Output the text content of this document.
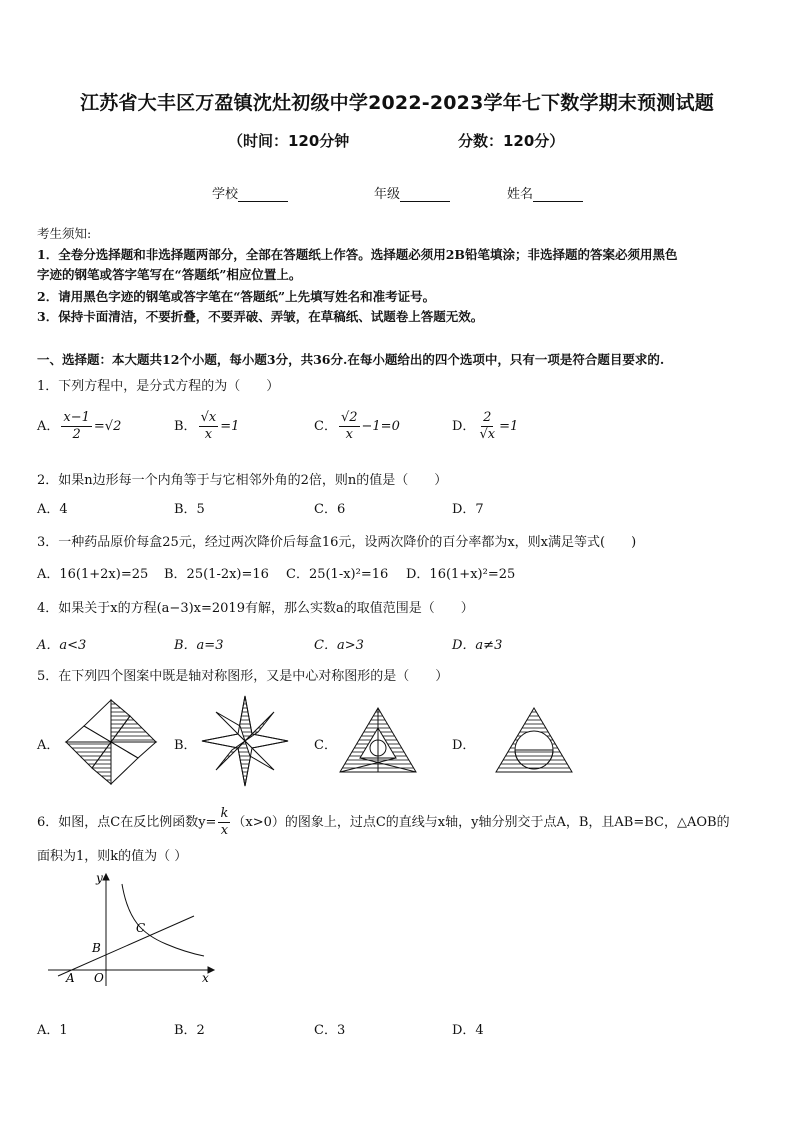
江苏省大丰区万盈镇沈灶初级中学2022-2023学年七下数学期末预测试题
（时间：120分钟	分数：120分）
学校	年级	姓名
考生须知:
1．全卷分选择题和非选择题两部分，全部在答题纸上作答。选择题必须用2B铅笔填涂；非选择题的答案必须用黑色
字迹的钢笔或答字笔写在“答题纸”相应位置上。
2．请用黑色字迹的钢笔或答字笔在“答题纸”上先填写姓名和准考证号。
3．保持卡面清洁，不要折叠，不要弄破、弄皱，在草稿纸、试题卷上答题无效。
一、选择题：本大题共12个小题，每小题3分，共36分.在每小题给出的四个选项中，只有一项是符合题目要求的.
1．下列方程中，是分式方程的为（　　）
A． $\frac{x-1}{2} =√2$	B． $\frac{√x}{x} =1$	C． $\frac{√2}{x} -1=0$	D． $\frac{2}{√x} =1$
2．如果n边形每一个内角等于与它相邻外角的2倍，则n的值是（　　）
A．4	B．5	C．6	D．7
3．一种药品原价每盒25元，经过两次降价后每盒16元，设两次降价的百分率都为x，则x满足等式(　　)
A．16(1+2x)=25 B．25(1-2x)=16 C．25(1-x)²=16 D．16(1+x)²=25
4．如果关于x的方程(a−3)x=2019有解，那么实数a的取值范围是（　　）
A．a<3	B．a=3	C．a>3	D．a≠3
5．在下列四个图案中既是轴对称图形，又是中心对称图形的是（　　）
A．	B．	C．	D．
6．如图，点C在反比例函数$y= \frac{k}{x} (x>0)$的图象上，过点C的直线与x轴，y轴分别交于点A，B，且AB=BC，△AOB的
面积为1，则k的值为（ ）
y
x
O
A
B
C
A．1	B．2	C．3	D．4
